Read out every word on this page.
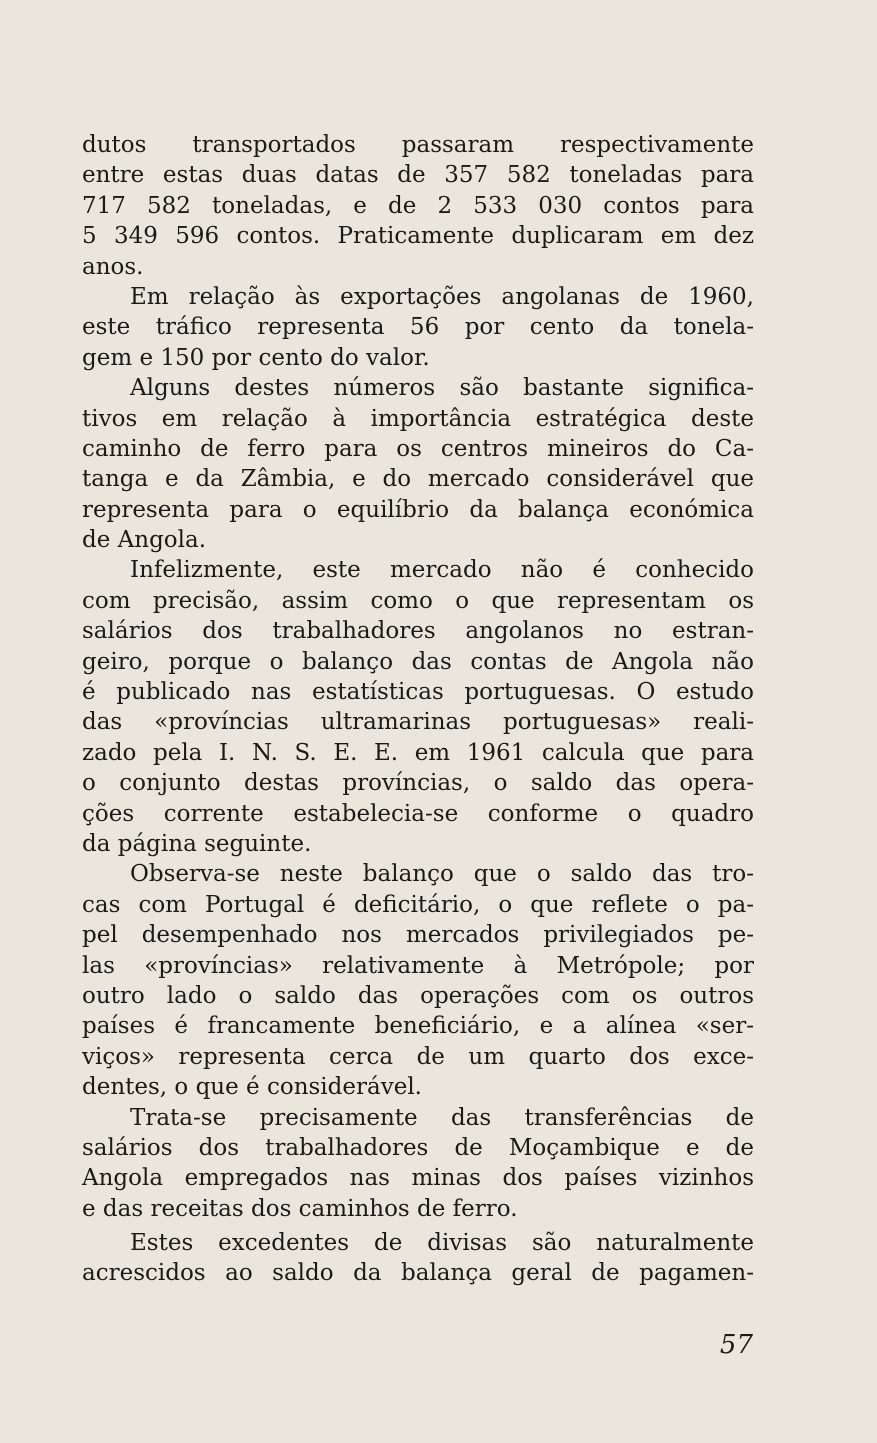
dutos transportados passaram respectivamente
entre estas duas datas de 357 582 toneladas para
717 582 toneladas, e de 2 533 030 contos para
5 349 596 contos. Praticamente duplicaram em dez
anos.
Em relação às exportações angolanas de 1960,
este tráfico representa 56 por cento da tonela-
gem e 150 por cento do valor.
Alguns destes números são bastante significa-
tivos em relação à importância estratégica deste
caminho de ferro para os centros mineiros do Ca-
tanga e da Zâmbia, e do mercado considerável que
representa para o equilíbrio da balança económica
de Angola.
Infelizmente, este mercado não é conhecido
com precisão, assim como o que representam os
salários dos trabalhadores angolanos no estran-
geiro, porque o balanço das contas de Angola não
é publicado nas estatísticas portuguesas. O estudo
das «províncias ultramarinas portuguesas» reali-
zado pela I. N. S. E. E. em 1961 calcula que para
o conjunto destas províncias, o saldo das opera-
ções corrente estabelecia-se conforme o quadro
da página seguinte.
Observa-se neste balanço que o saldo das tro-
cas com Portugal é deficitário, o que reflete o pa-
pel desempenhado nos mercados privilegiados pe-
las «províncias» relativamente à Metrópole; por
outro lado o saldo das operações com os outros
países é francamente beneficiário, e a alínea «ser-
viços» representa cerca de um quarto dos exce-
dentes, o que é considerável.
Trata-se precisamente das transferências de
salários dos trabalhadores de Moçambique e de
Angola empregados nas minas dos países vizinhos
e das receitas dos caminhos de ferro.
Estes excedentes de divisas são naturalmente
acrescidos ao saldo da balança geral de pagamen-
57
